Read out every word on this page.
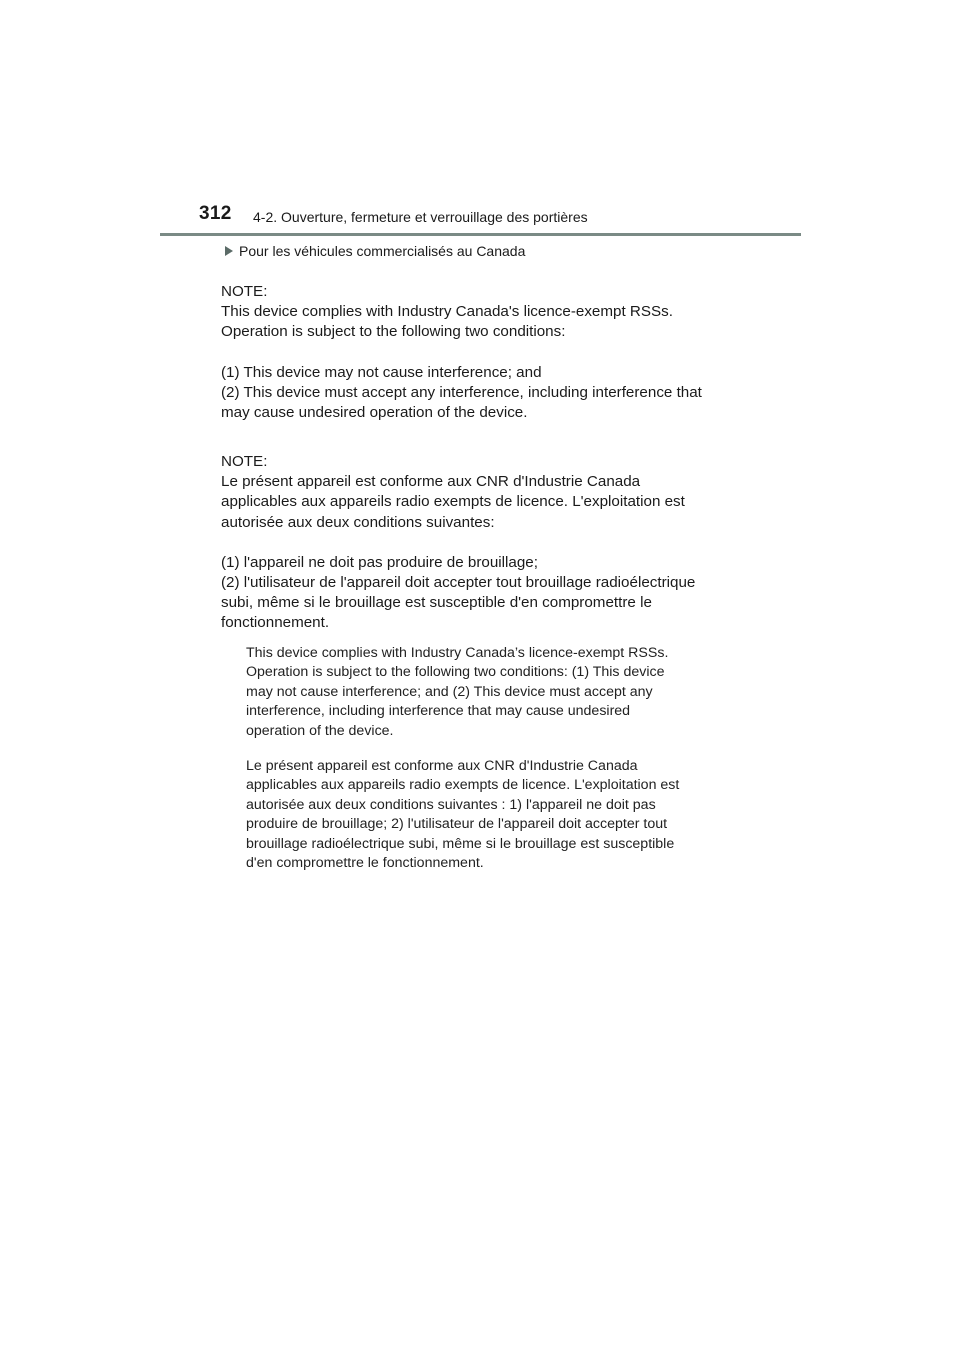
312 4-2. Ouverture, fermeture et verrouillage des portières
Pour les véhicules commercialisés au Canada

NOTE:

This device complies with Industry Canada's licence-exempt RSSs.

Operation is subject to the following two conditions:

(1) This device may not cause interference; and

(2) This device must accept any interference, including interference that

may cause undesired operation of the device.

NOTE:

Le présent appareil est conforme aux CNR d'Industrie Canada

applicables aux appareils radio exempts de licence. L'exploitation est

autorisée aux deux conditions suivantes:

(1) l'appareil ne doit pas produire de brouillage;

(2) l'utilisateur de l'appareil doit accepter tout brouillage radioélectrique

subi, même si le brouillage est susceptible d'en compromettre le

fonctionnement.

This device complies with Industry Canada’s licence-exempt RSSs.

Operation is subject to the following two conditions: (1) This device

may not cause interference; and (2) This device must accept any

interference, including interference that may cause undesired

operation of the device.

Le présent appareil est conforme aux CNR d'Industrie Canada

applicables aux appareils radio exempts de licence. L'exploitation est

autorisée aux deux conditions suivantes : 1) l'appareil ne doit pas

produire de brouillage; 2) l'utilisateur de l'appareil doit accepter tout

brouillage radioélectrique subi, même si le brouillage est susceptible

d'en compromettre le fonctionnement.
